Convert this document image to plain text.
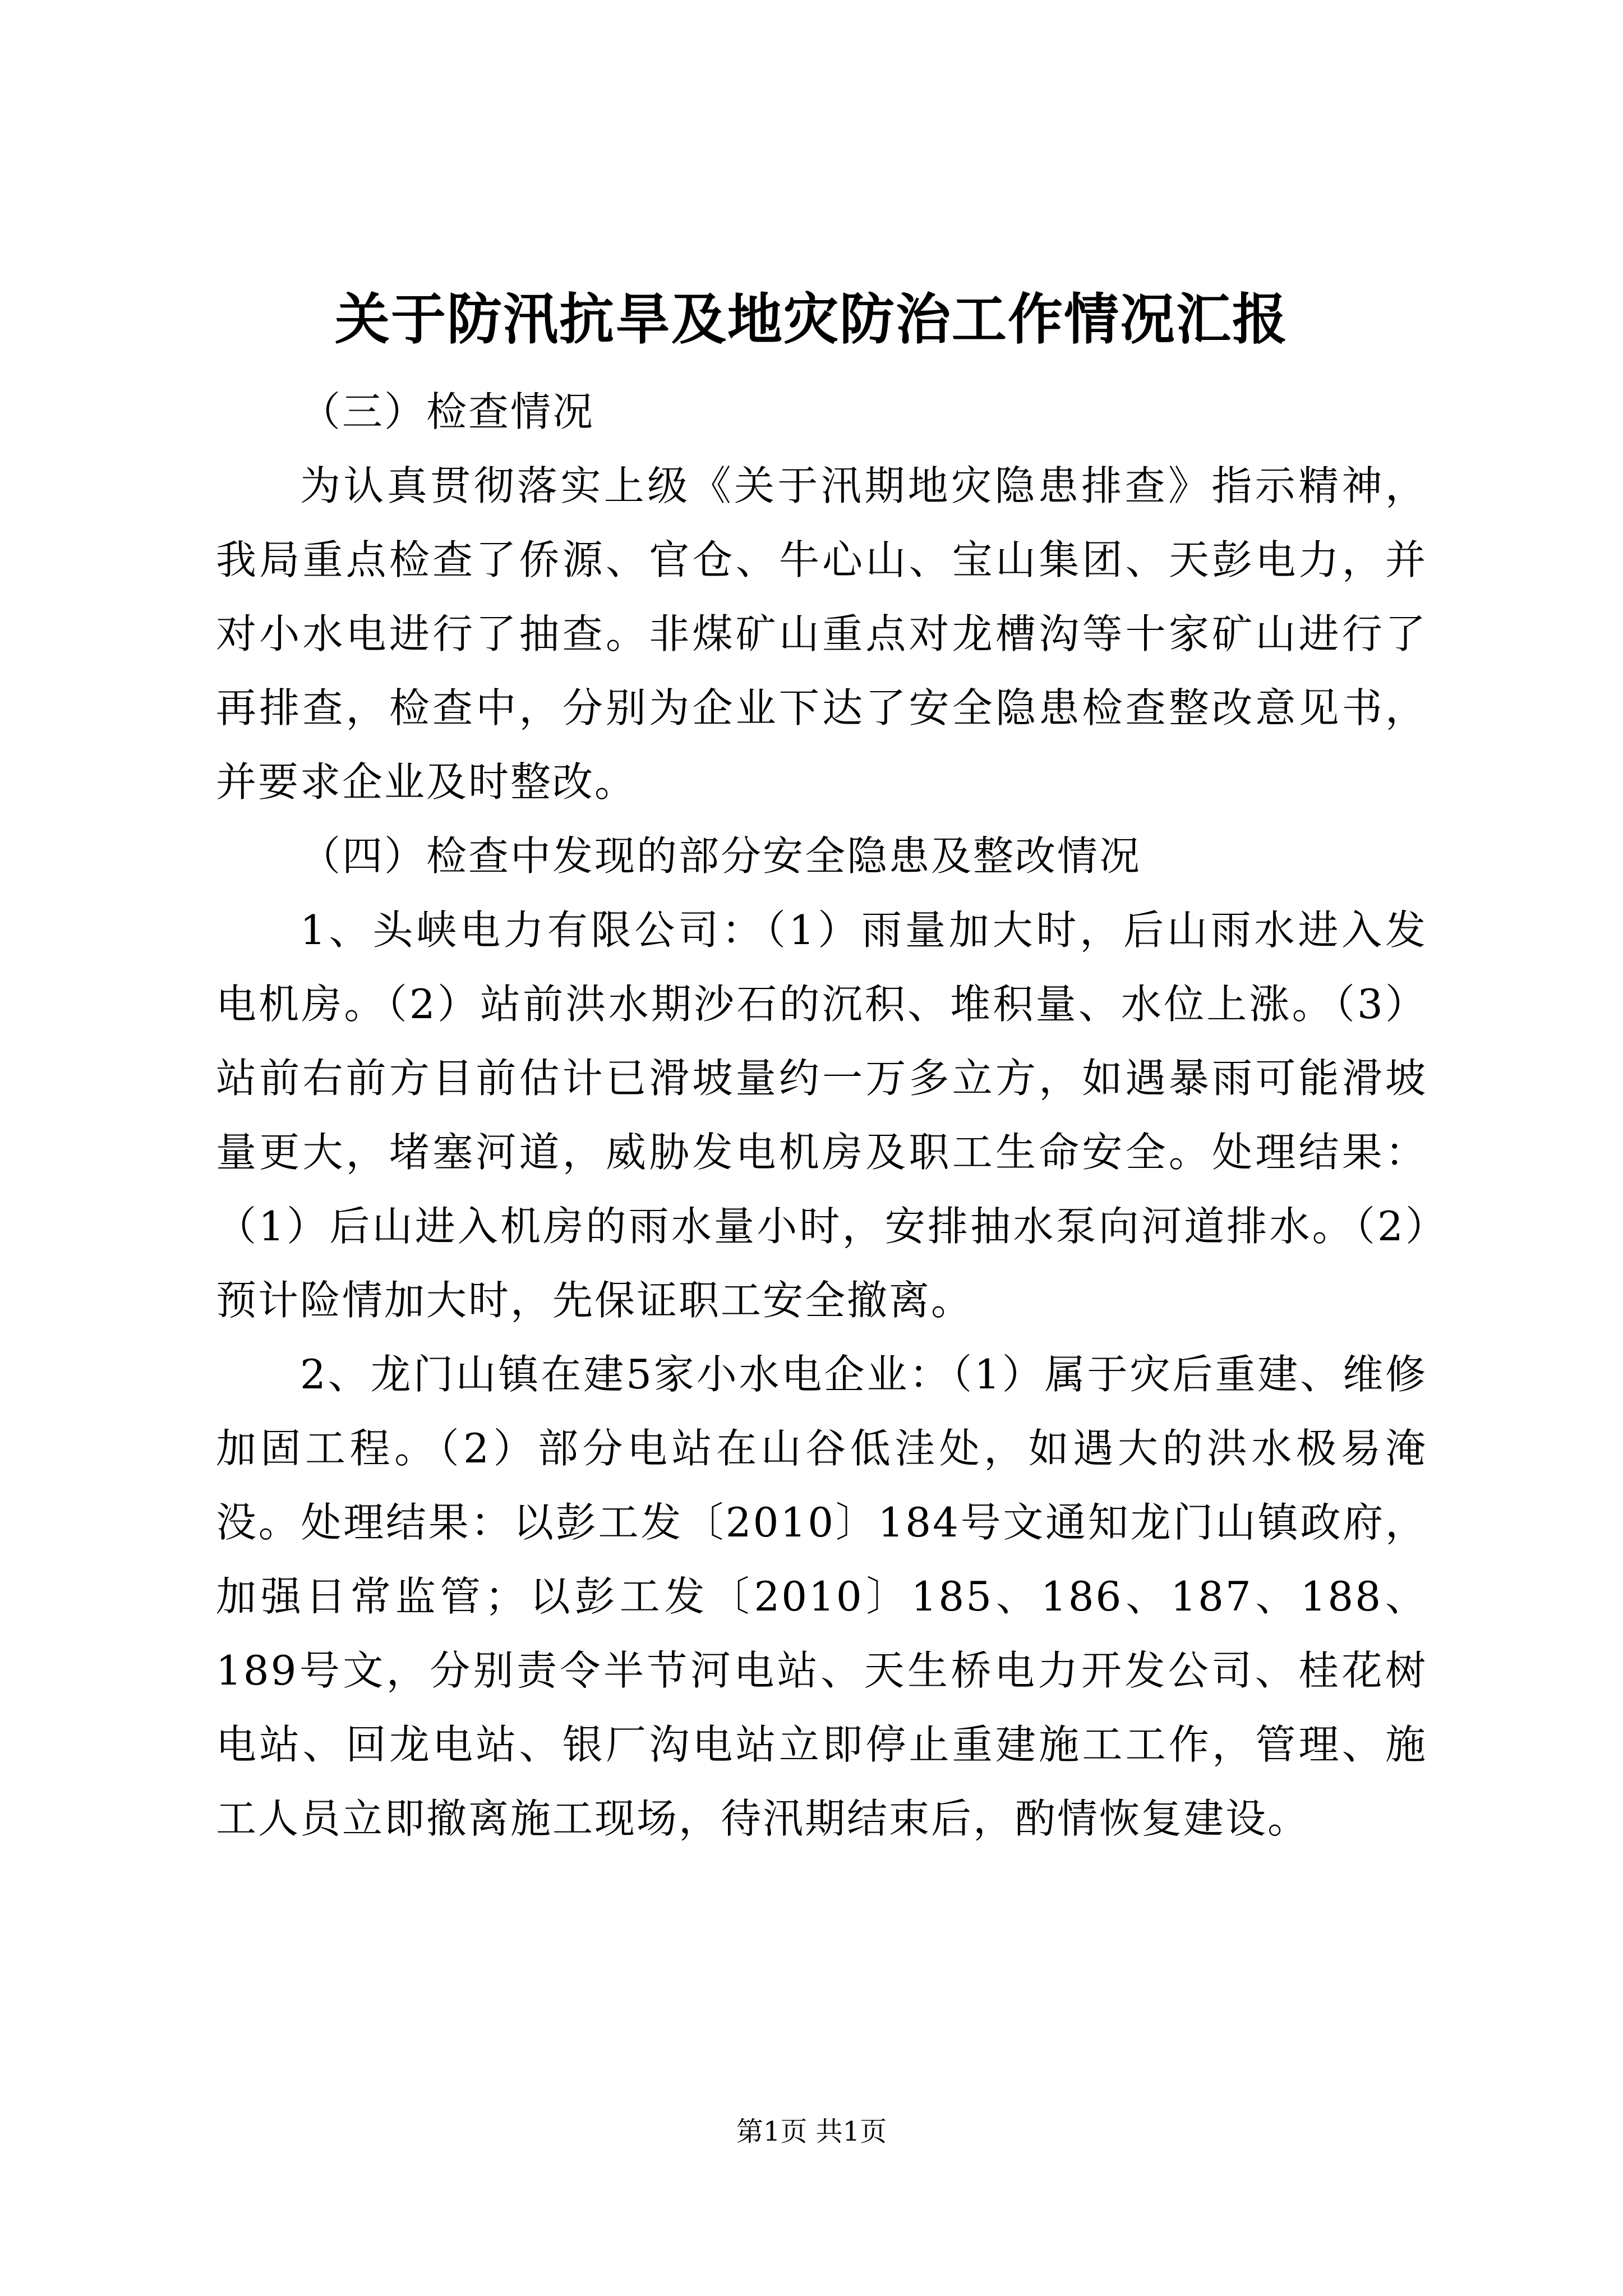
关于防汛抗旱及地灾防治工作情况汇报

（三）检查情况

为认真贯彻落实上级《关于汛期地灾隐患排查》指示精神，我局重点检查了侨源、官仓、牛心山、宝山集团、天彭电力，并对小水电进行了抽查。非煤矿山重点对龙槽沟等十家矿山进行了再排查，检查中，分别为企业下达了安全隐患检查整改意见书，并要求企业及时整改。

（四）检查中发现的部分安全隐患及整改情况

1、头峡电力有限公司：（1）雨量加大时，后山雨水进入发电机房。（2）站前洪水期沙石的沉积、堆积量、水位上涨。（3）站前右前方目前估计已滑坡量约一万多立方，如遇暴雨可能滑坡量更大，堵塞河道，威胁发电机房及职工生命安全。处理结果：（1）后山进入机房的雨水量小时，安排抽水泵向河道排水。（2）预计险情加大时，先保证职工安全撤离。

2、龙门山镇在建5家小水电企业：（1）属于灾后重建、维修加固工程。（2）部分电站在山谷低洼处，如遇大的洪水极易淹没。处理结果：以彭工发〔2010〕184号文通知龙门山镇政府，加强日常监管；以彭工发〔2010〕185、186、187、188、189号文，分别责令半节河电站、天生桥电力开发公司、桂花树电站、回龙电站、银厂沟电站立即停止重建施工工作，管理、施工人员立即撤离施工现场，待汛期结束后，酌情恢复建设。

第1页 共1页
